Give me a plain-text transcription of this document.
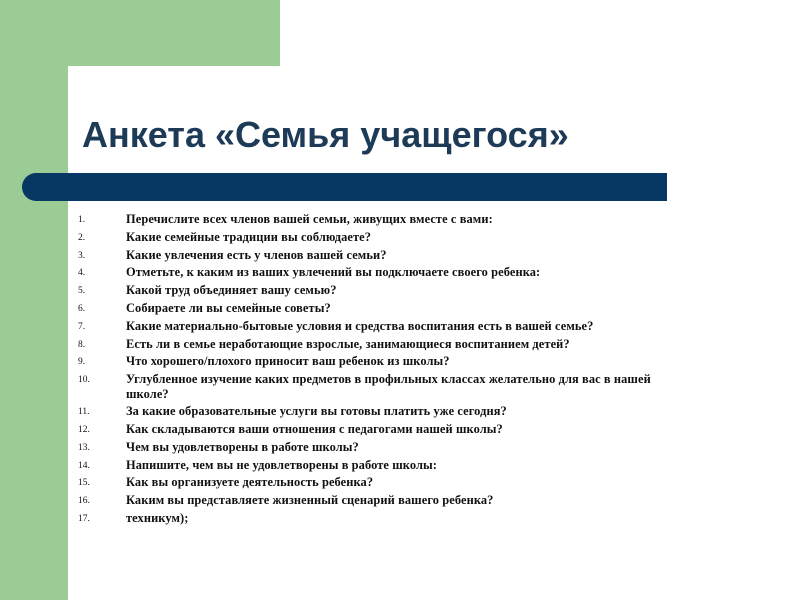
Анкета «Семья учащегося»
1.	Перечислите всех членов вашей семьи, живущих вместе с вами:
2.	Какие семейные традиции вы соблюдаете?
3.	Какие увлечения есть у членов вашей семьи?
4.	Отметьте, к каким из ваших увлечений вы подключаете своего ребенка:
5.	Какой труд объединяет вашу семью?
6.	Собираете ли вы семейные советы?
7.	Какие материально-бытовые условия и средства воспитания есть в вашей семье?
8.	Есть ли в семье неработающие взрослые, занимающиеся воспитанием детей?
9.	Что хорошего/плохого приносит ваш ребенок из школы?
10.	Углубленное изучение каких предметов в профильных классах желательно для вас в нашей школе?
11.	За какие образовательные услуги вы готовы платить уже сегодня?
12.	Как складываются ваши отношения с педагогами нашей школы?
13.	Чем вы удовлетворены в работе школы?
14.	Напишите, чем вы не удовлетворены в работе школы:
15.	Как вы организуете деятельность ребенка?
16.	Каким вы представляете жизненный сценарий вашего ребенка?
17.	техникум);
